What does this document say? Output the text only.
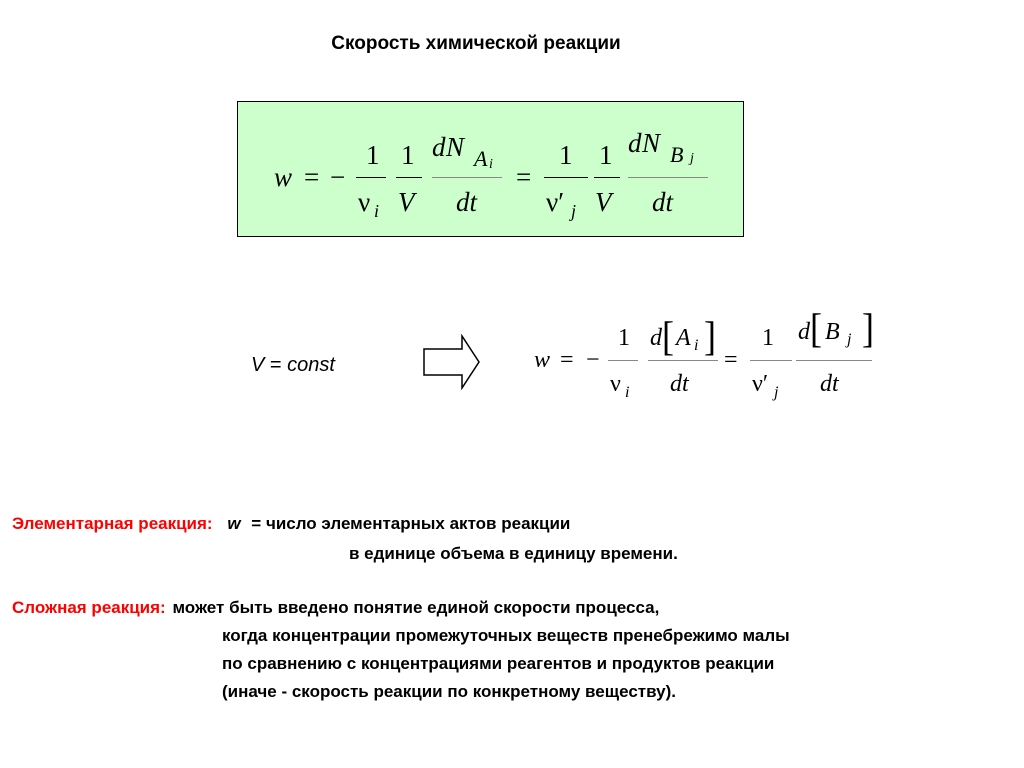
Скорость химической реакции
w = −
1
ν i
1
V
d N A i
dt
=
1
ν′ j
1
V
d N B j
dt
V = const	w = −
1
ν i
d [ A i ]
dt
=
1
ν′ j
d [ B j ]
dt
Элементарная реакция: w = число элементарных актов реакции
в единице объема в единицу времени.
Сложная реакция: может быть введено понятие единой скорости процесса,
когда концентрации промежуточных веществ пренебрежимо малы
по сравнению с концентрациями реагентов и продуктов реакции
(иначе - скорость реакции по конкретному веществу).
